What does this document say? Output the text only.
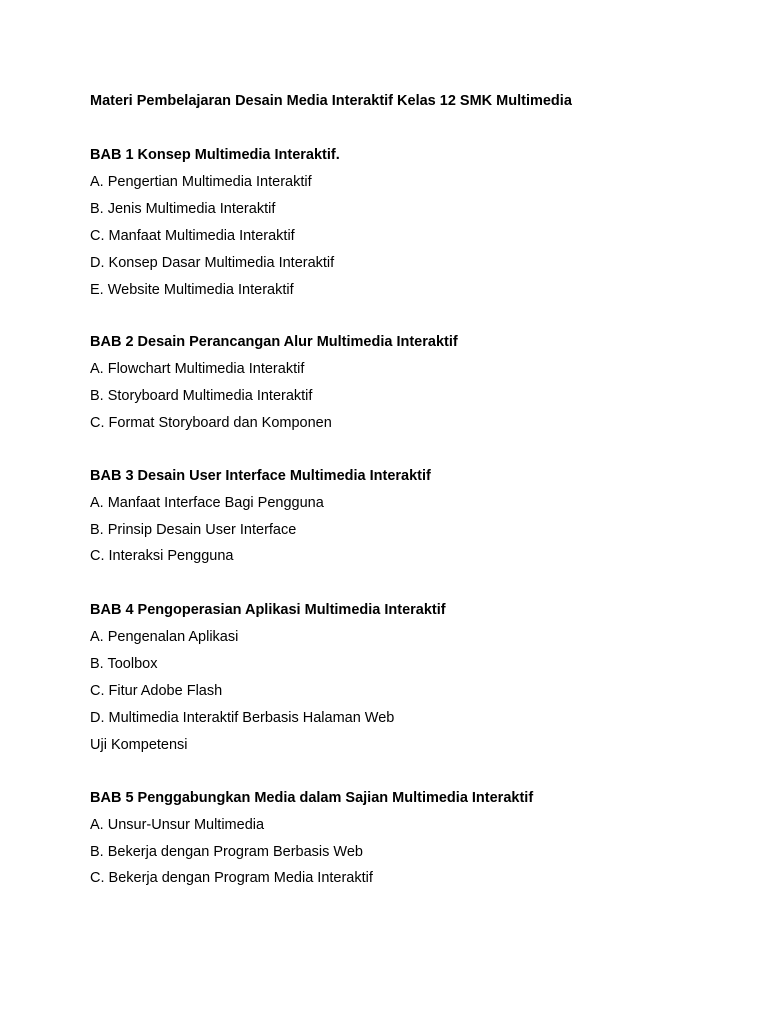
Materi Pembelajaran Desain Media Interaktif Kelas 12 SMK Multimedia
BAB 1 Konsep Multimedia Interaktif.
A. Pengertian Multimedia Interaktif
B. Jenis Multimedia Interaktif
C. Manfaat Multimedia Interaktif
D. Konsep Dasar Multimedia Interaktif
E. Website Multimedia Interaktif
BAB 2 Desain Perancangan Alur Multimedia Interaktif
A. Flowchart Multimedia Interaktif
B. Storyboard Multimedia Interaktif
C. Format Storyboard dan Komponen
BAB 3 Desain User Interface Multimedia Interaktif
A. Manfaat Interface Bagi Pengguna
B. Prinsip Desain User Interface
C. Interaksi Pengguna
BAB 4 Pengoperasian Aplikasi Multimedia Interaktif
A. Pengenalan Aplikasi
B. Toolbox
C. Fitur Adobe Flash
D. Multimedia Interaktif Berbasis Halaman Web
Uji Kompetensi
BAB 5 Penggabungkan Media dalam Sajian Multimedia Interaktif
A. Unsur-Unsur Multimedia
B. Bekerja dengan Program Berbasis Web
C. Bekerja dengan Program Media Interaktif
